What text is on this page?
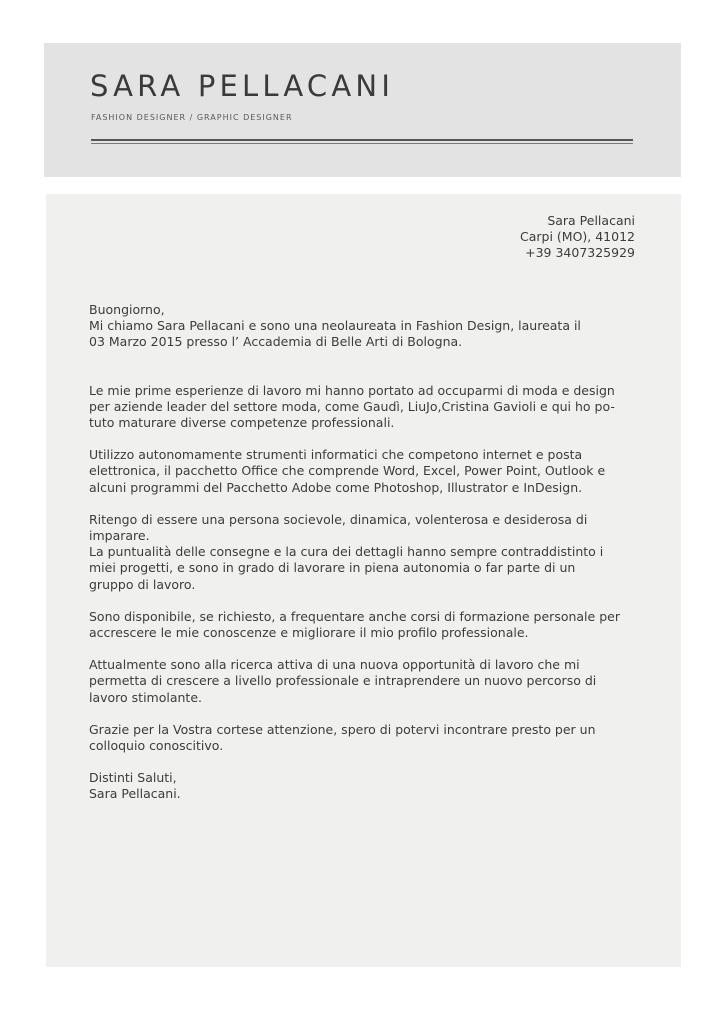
SARA PELLACANI
FASHION DESIGNER / GRAPHIC DESIGNER
Sara Pellacani
Carpi (MO), 41012
+39 3407325929

Buongiorno,

Mi chiamo Sara Pellacani e sono una neolaureata in Fashion Design, laureata il
03 Marzo 2015 presso l’ Accademia di Belle Arti di Bologna.

Le mie prime esperienze di lavoro mi hanno portato ad occuparmi di moda e design
per aziende leader del settore moda, come Gaudì, LiuJo,Cristina Gavioli e qui ho po-
tuto maturare diverse competenze professionali.

Utilizzo autonomamente strumenti informatici che competono internet e posta
elettronica, il pacchetto Office che comprende Word, Excel, Power Point, Outlook e
alcuni programmi del Pacchetto Adobe come Photoshop, Illustrator e InDesign.

Ritengo di essere una persona socievole, dinamica, volenterosa e desiderosa di
imparare.
La puntualità delle consegne e la cura dei dettagli hanno sempre contraddistinto i
miei progetti, e sono in grado di lavorare in piena autonomia o far parte di un
gruppo di lavoro.

Sono disponibile, se richiesto, a frequentare anche corsi di formazione personale per
accrescere le mie conoscenze e migliorare il mio profilo professionale.

Attualmente sono alla ricerca attiva di una nuova opportunità di lavoro che mi
permetta di crescere a livello professionale e intraprendere un nuovo percorso di
lavoro stimolante.

Grazie per la Vostra cortese attenzione, spero di potervi incontrare presto per un
colloquio conoscitivo.

Distinti Saluti,
Sara Pellacani.
